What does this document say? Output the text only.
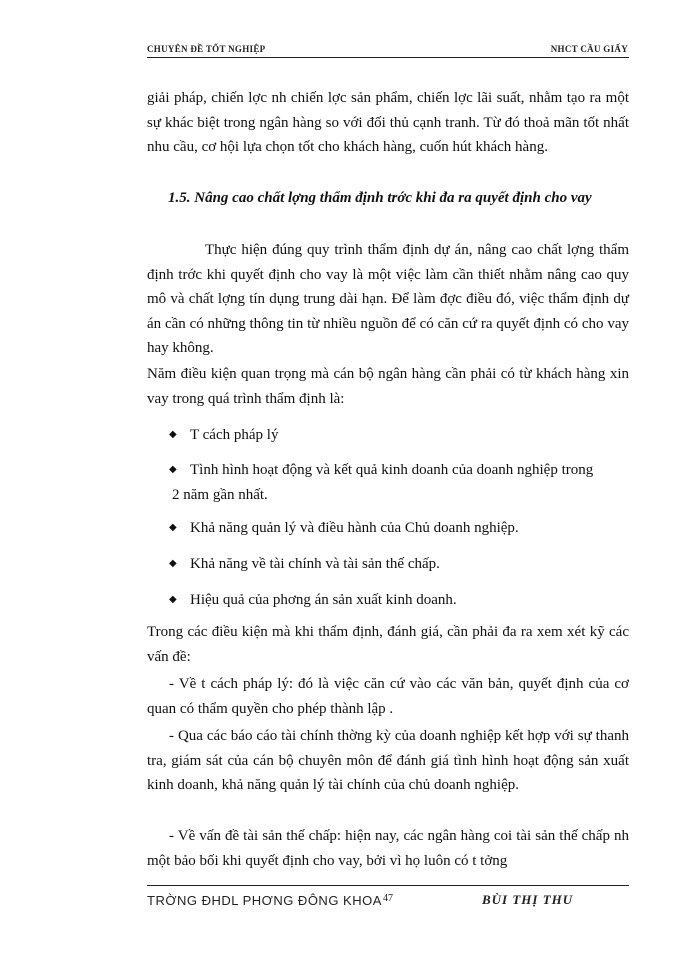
CHUYÊN ĐỀ TỐT NGHIỆP	NHCT CẦU GIẤY

giải pháp, chiến lợc nh chiến lợc sản phẩm, chiến lợc lãi suất, nhằm tạo ra một sự khác biệt trong ngân hàng so với đối thủ cạnh tranh. Từ đó thoả mãn tốt nhất nhu cầu, cơ hội lựa chọn tốt cho khách hàng, cuốn hút khách hàng.

1.5. Nâng cao chất lợng thẩm định trớc khi đa ra quyết định cho vay

Thực hiện đúng quy trình thẩm định dự án, nâng cao chất lợng thẩm định trớc khi quyết định cho vay là một việc làm cần thiết nhằm nâng cao quy mô và chất lợng tín dụng trung dài hạn. Để làm đợc điều đó, việc thẩm định dự án cần có những thông tin từ nhiều nguồn để có căn cứ ra quyết định có cho vay hay không.

Năm điều kiện quan trọng mà cán bộ ngân hàng cần phải có từ khách hàng xin vay trong quá trình thẩm định là:

◆ T cách pháp lý
◆ Tình hình hoạt động và kết quả kinh doanh của doanh nghiệp trong
2 năm gần nhất.
◆ Khả năng quản lý và điều hành của Chủ doanh nghiệp.
◆ Khả năng về tài chính và tài sản thế chấp.
◆ Hiệu quả của phơng án sản xuất kinh doanh.

Trong các điều kiện mà khi thẩm định, đánh giá, cần phải đa ra xem xét kỹ các vấn đề:

- Về t cách pháp lý: đó là việc căn cứ vào các văn bản, quyết định của cơ quan có thẩm quyền cho phép thành lập .

- Qua các báo cáo tài chính thờng kỳ của doanh nghiệp kết hợp với sự thanh tra, giám sát của cán bộ chuyên môn để đánh giá tình hình hoạt động sản xuất kinh doanh, khả năng quản lý tài chính của chủ doanh nghiệp.

- Về vấn đề tài sản thế chấp: hiện nay, các ngân hàng coi tài sản thế chấp nh một bảo bối khi quyết định cho vay, bởi vì họ luôn có t tởng

TRỜNG ĐHDL PHƠNG ĐÔNG KHOA 47	BÙI THỊ THU
